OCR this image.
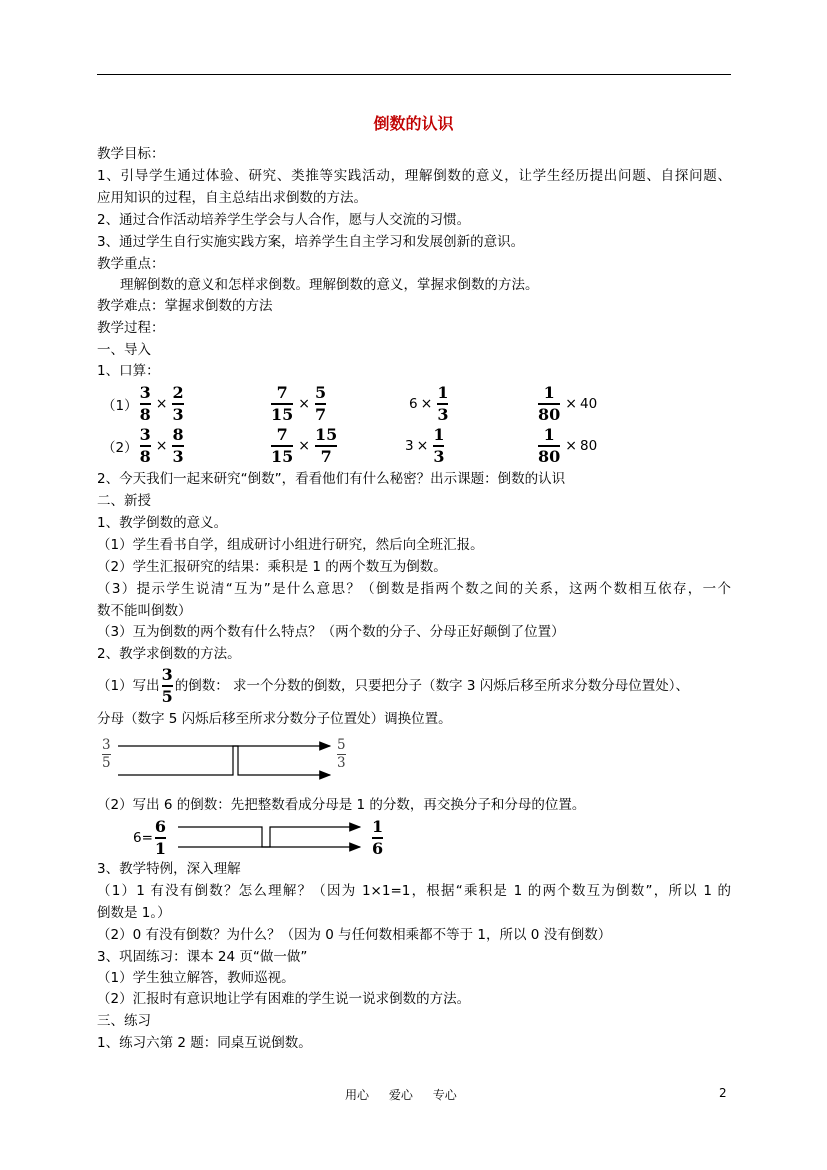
倒数的认识
教学目标：
1、引导学生通过体验、研究、类推等实践活动，理解倒数的意义，让学生经历提出问题、自探问题、
应用知识的过程，自主总结出求倒数的方法。
2、通过合作活动培养学生学会与人合作，愿与人交流的习惯。
3、通过学生自行实施实践方案，培养学生自主学习和发展创新的意识。
教学重点：
理解倒数的意义和怎样求倒数。理解倒数的意义，掌握求倒数的方法。
教学难点：掌握求倒数的方法
教学过程：
一、导入
1、口算：
$(1) \frac{3}{8} \times \frac{2}{3}$	$\frac{7}{15} \times \frac{5}{7}$	$6 \times \frac{1}{3}$	$\frac{1}{80} \times 40$
$(2) \frac{3}{8} \times \frac{8}{3}$	$\frac{7}{15} \times \frac{15}{7}$	$3 \times \frac{1}{3}$	$\frac{1}{80} \times 80$
2、今天我们一起来研究“倒数”，看看他们有什么秘密？出示课题：倒数的认识
二、新授
1、教学倒数的意义。
（1）学生看书自学，组成研讨小组进行研究，然后向全班汇报。
（2）学生汇报研究的结果：乘积是 1 的两个数互为倒数。
（3）提示学生说清“互为”是什么意思？（倒数是指两个数之间的关系，这两个数相互依存，一个
数不能叫倒数）
（3）互为倒数的两个数有什么特点？（两个数的分子、分母正好颠倒了位置）
2、教学求倒数的方法。
（1）写出 $\frac{3}{5}$ 的倒数： 求一个分数的倒数，只要把分子（数字 3 闪烁后移至所求分数分母位置处）、
分母（数字 5 闪烁后移至所求分数分子位置处）调换位置。
3
5
5
3
（2）写出 6 的倒数：先把整数看成分母是 1 的分数，再交换分子和分母的位置。
$6= \frac{6}{1}$	1
6
3、教学特例，深入理解
（1）1 有没有倒数？怎么理解？（因为 1×1=1，根据“乘积是 1 的两个数互为倒数”，所以 1 的
倒数是 1。）
（2）0 有没有倒数？为什么？（因为 0 与任何数相乘都不等于 1，所以 0 没有倒数）
3、巩固练习：课本 24 页“做一做”
（1）学生独立解答，教师巡视。
（2）汇报时有意识地让学有困难的学生说一说求倒数的方法。
三、练习
1、练习六第 2 题：同桌互说倒数。
用心 爱心 专心	2
